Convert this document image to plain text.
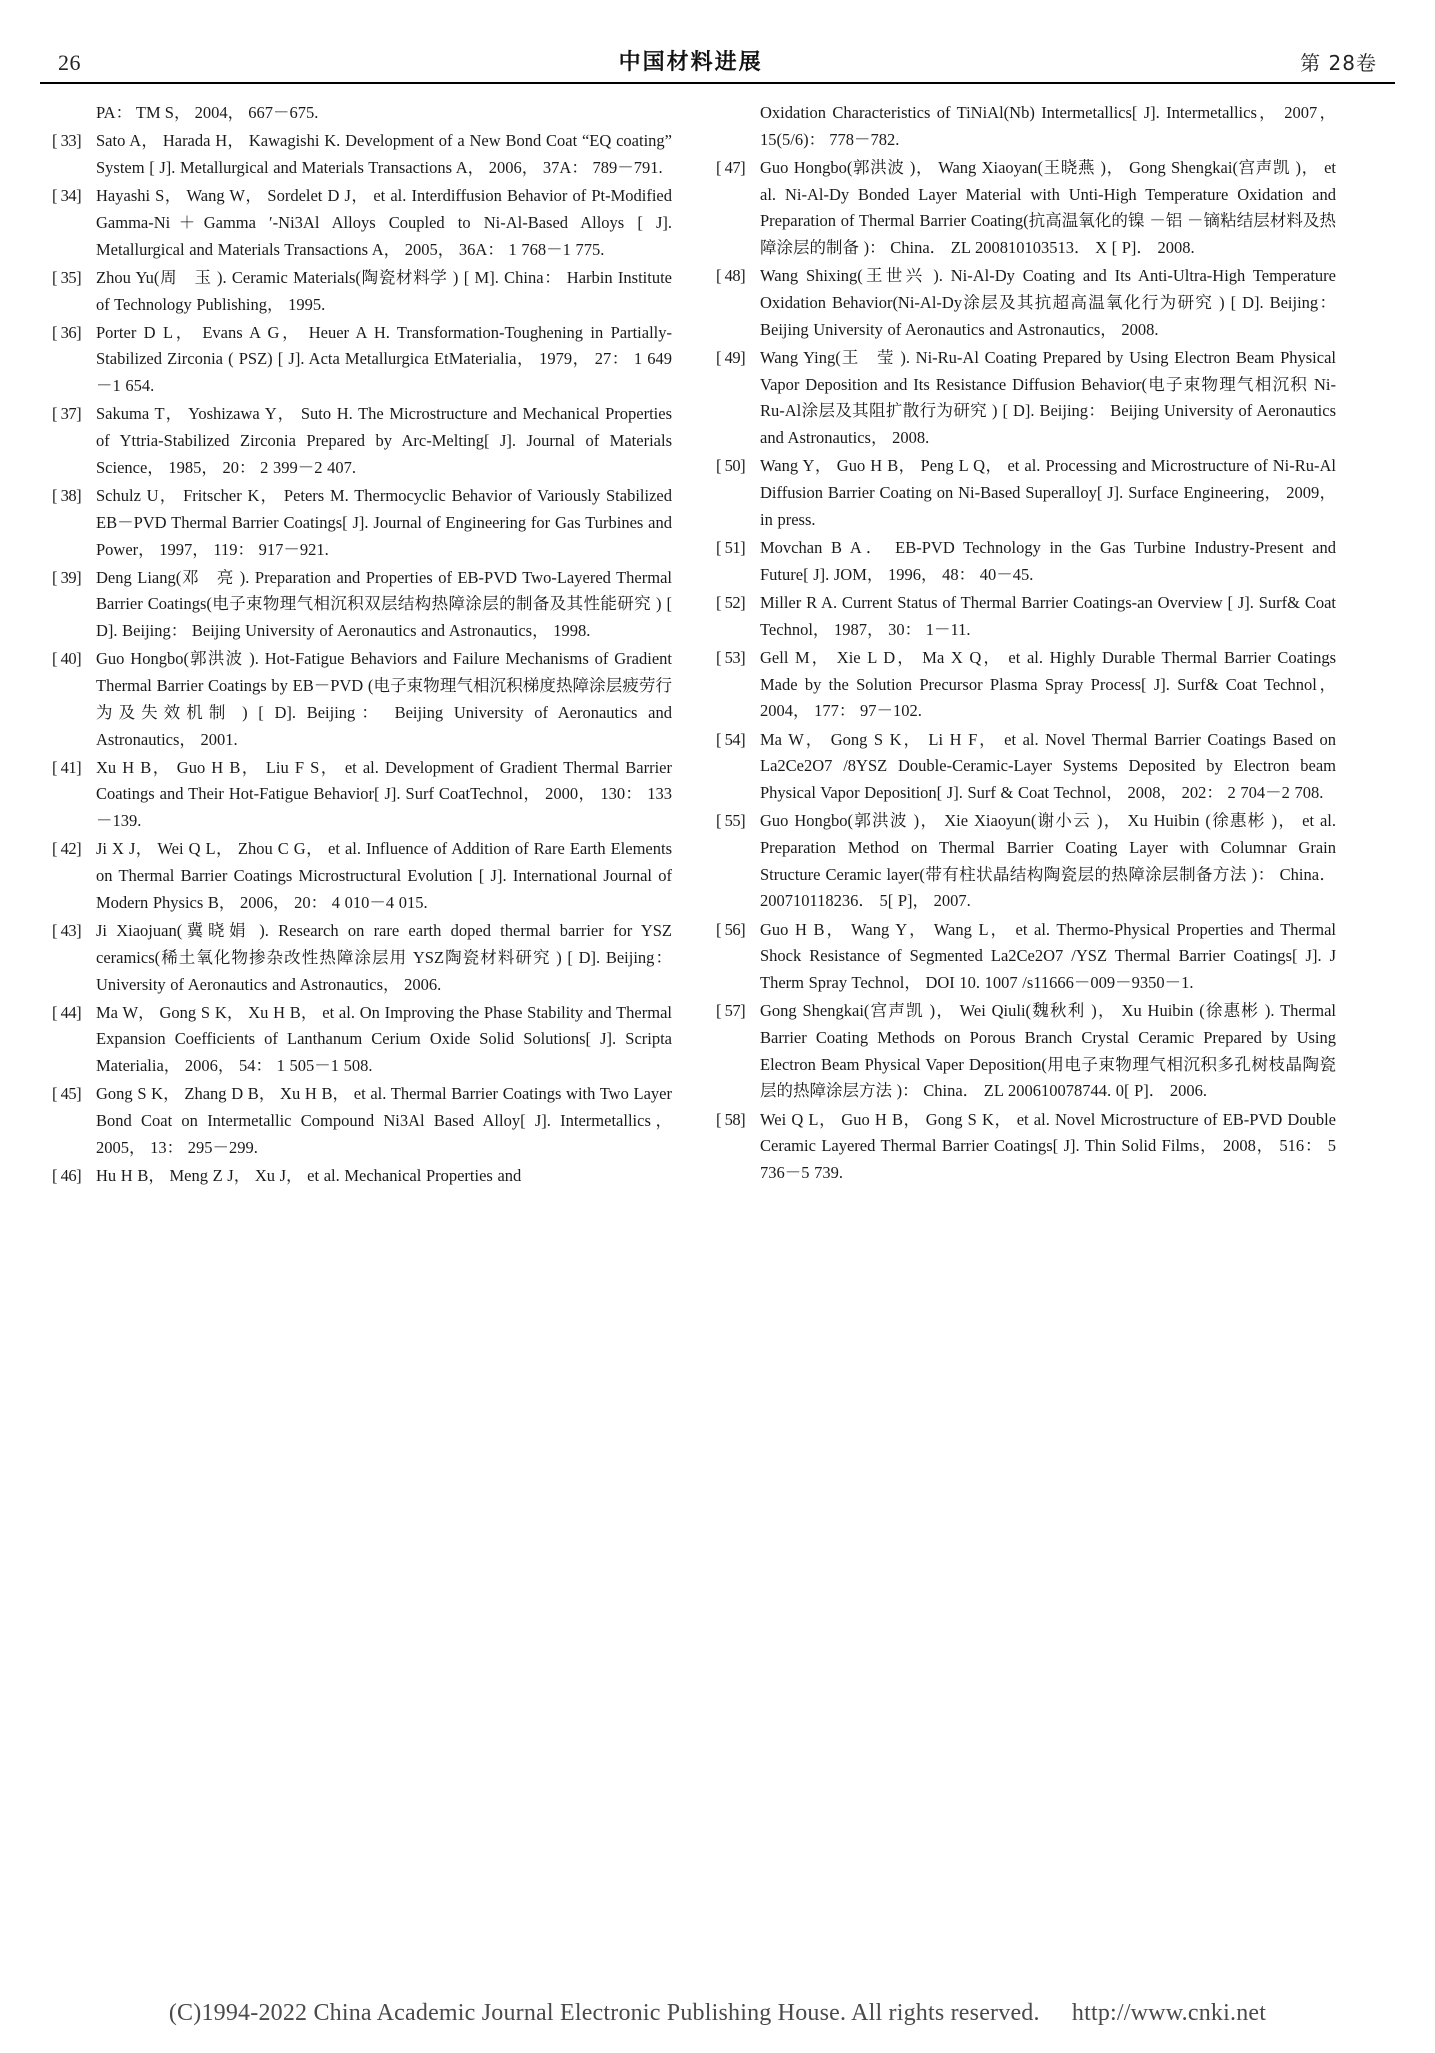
26	中国材料进展	第 28卷
PA： TM S， 2004， 667－675.
[ 33] Sato A， Harada H， Kawagishi K. Development of a New Bond Coat “EQ coating” System [ J]. Metallurgical and Materials Transactions A， 2006， 37A： 789－791.
[ 34] Hayashi S， Wang W， Sordelet D J， et al. Interdiffusion Behavior of Pt-Modified Gamma-Ni＋Gamma ′-Ni3Al Alloys Coupled to Ni-Al-Based Alloys [ J]. Metallurgical and Materials Transactions A， 2005， 36A： 1 768－1 775.
[ 35] Zhou Yu(周　玉 ). Ceramic Materials(陶瓷材料学 ) [ M]. China： Harbin Institute of Technology Publishing， 1995.
[ 36] Porter D L， Evans A G， Heuer A H. Transformation-Toughening in Partially-Stabilized Zirconia ( PSZ) [ J]. Acta Metallurgica EtMaterialia， 1979， 27： 1 649－1 654.
[ 37] Sakuma T， Yoshizawa Y， Suto H. The Microstructure and Mechanical Properties of Yttria-Stabilized Zirconia Prepared by Arc-Melting[ J]. Journal of Materials Science， 1985， 20： 2 399－2 407.
[ 38] Schulz U， Fritscher K， Peters M. Thermocyclic Behavior of Variously Stabilized EB－PVD Thermal Barrier Coatings[ J]. Journal of Engineering for Gas Turbines and Power， 1997， 119： 917－921.
[ 39] Deng Liang(邓　亮 ). Preparation and Properties of EB-PVD Two-Layered Thermal Barrier Coatings(电子束物理气相沉积双层结构热障涂层的制备及其性能研究 ) [ D]. Beijing： Beijing University of Aeronautics and Astronautics， 1998.
[ 40] Guo Hongbo(郭洪波 ). Hot-Fatigue Behaviors and Failure Mechanisms of Gradient Thermal Barrier Coatings by EB－PVD (电子束物理气相沉积梯度热障涂层疲劳行为及失效机制 ) [ D]. Beijing： Beijing University of Aeronautics and Astronautics， 2001.
[ 41] Xu H B， Guo H B， Liu F S， et al. Development of Gradient Thermal Barrier Coatings and Their Hot-Fatigue Behavior[ J]. Surf CoatTechnol， 2000， 130： 133－139.
[ 42] Ji X J， Wei Q L， Zhou C G， et al. Influence of Addition of Rare Earth Elements on Thermal Barrier Coatings Microstructural Evolution [ J]. International Journal of Modern Physics B， 2006， 20： 4 010－4 015.
[ 43] Ji Xiaojuan(冀晓娟 ). Research on rare earth doped thermal barrier for YSZ ceramics(稀土氧化物掺杂改性热障涂层用 YSZ陶瓷材料研究 ) [ D]. Beijing： University of Aeronautics and Astronautics， 2006.
[ 44] Ma W， Gong S K， Xu H B， et al. On Improving the Phase Stability and Thermal Expansion Coefficients of Lanthanum Cerium Oxide Solid Solutions[ J]. Scripta Materialia， 2006， 54： 1 505－1 508.
[ 45] Gong S K， Zhang D B， Xu H B， et al. Thermal Barrier Coatings with Two Layer Bond Coat on Intermetallic Compound Ni3Al Based Alloy[ J]. Intermetallics， 2005， 13： 295－299.
[ 46] Hu H B， Meng Z J， Xu J， et al. Mechanical Properties and
Oxidation Characteristics of TiNiAl(Nb) Intermetallics[ J]. Intermetallics， 2007， 15(5/6)： 778－782.
[ 47] Guo Hongbo(郭洪波 )， Wang Xiaoyan(王晓燕 )， Gong Shengkai(宫声凯 )， et al. Ni-Al-Dy Bonded Layer Material with Unti-High Temperature Oxidation and Preparation of Thermal Barrier Coating(抗高温氧化的镍 －铝 －镝粘结层材料及热障涂层的制备 )： China． ZL 200810103513． X [ P]． 2008.
[ 48] Wang Shixing(王世兴 ). Ni-Al-Dy Coating and Its Anti-Ultra-High Temperature Oxidation Behavior(Ni-Al-Dy涂层及其抗超高温氧化行为研究 ) [ D]. Beijing： Beijing University of Aeronautics and Astronautics， 2008.
[ 49] Wang Ying(王　莹 ). Ni-Ru-Al Coating Prepared by Using Electron Beam Physical Vapor Deposition and Its Resistance Diffusion Behavior(电子束物理气相沉积 Ni-Ru-Al涂层及其阻扩散行为研究 ) [ D]. Beijing： Beijing University of Aeronautics and Astronautics， 2008.
[ 50] Wang Y， Guo H B， Peng L Q， et al. Processing and Microstructure of Ni-Ru-Al Diffusion Barrier Coating on Ni-Based Superalloy[ J]. Surface Engineering， 2009， in press.
[ 51] Movchan B A． EB-PVD Technology in the Gas Turbine Industry-Present and Future[ J]. JOM， 1996， 48： 40－45.
[ 52] Miller R A. Current Status of Thermal Barrier Coatings-an Overview [ J]. Surf& Coat Technol， 1987， 30： 1－11.
[ 53] Gell M， Xie L D， Ma X Q， et al. Highly Durable Thermal Barrier Coatings Made by the Solution Precursor Plasma Spray Process[ J]. Surf& Coat Technol， 2004， 177： 97－102.
[ 54] Ma W， Gong S K， Li H F， et al. Novel Thermal Barrier Coatings Based on La2Ce2O7 /8YSZ Double-Ceramic-Layer Systems Deposited by Electron beam Physical Vapor Deposition[ J]. Surf & Coat Technol， 2008， 202： 2 704－2 708.
[ 55] Guo Hongbo(郭洪波 )， Xie Xiaoyun(谢小云 )， Xu Huibin (徐惠彬 )， et al. Preparation Method on Thermal Barrier Coating Layer with Columnar Grain Structure Ceramic layer(带有柱状晶结构陶瓷层的热障涂层制备方法 )： China． 200710118236． 5[ P]， 2007.
[ 56] Guo H B， Wang Y， Wang L， et al. Thermo-Physical Properties and Thermal Shock Resistance of Segmented La2Ce2O7 /YSZ Thermal Barrier Coatings[ J]. J Therm Spray Technol， DOI 10. 1007 /s11666－009－9350－1.
[ 57] Gong Shengkai(宫声凯 )， Wei Qiuli(魏秋利 )， Xu Huibin (徐惠彬 ). Thermal Barrier Coating Methods on Porous Branch Crystal Ceramic Prepared by Using Electron Beam Physical Vaper Deposition(用电子束物理气相沉积多孔树枝晶陶瓷层的热障涂层方法 )： China． ZL 200610078744. 0[ P]． 2006.
[ 58] Wei Q L， Guo H B， Gong S K， et al. Novel Microstructure of EB-PVD Double Ceramic Layered Thermal Barrier Coatings[ J]. Thin Solid Films， 2008， 516： 5 736－5 739.
(C)1994-2022 China Academic Journal Electronic Publishing House. All rights reserved. http://www.cnki.net
